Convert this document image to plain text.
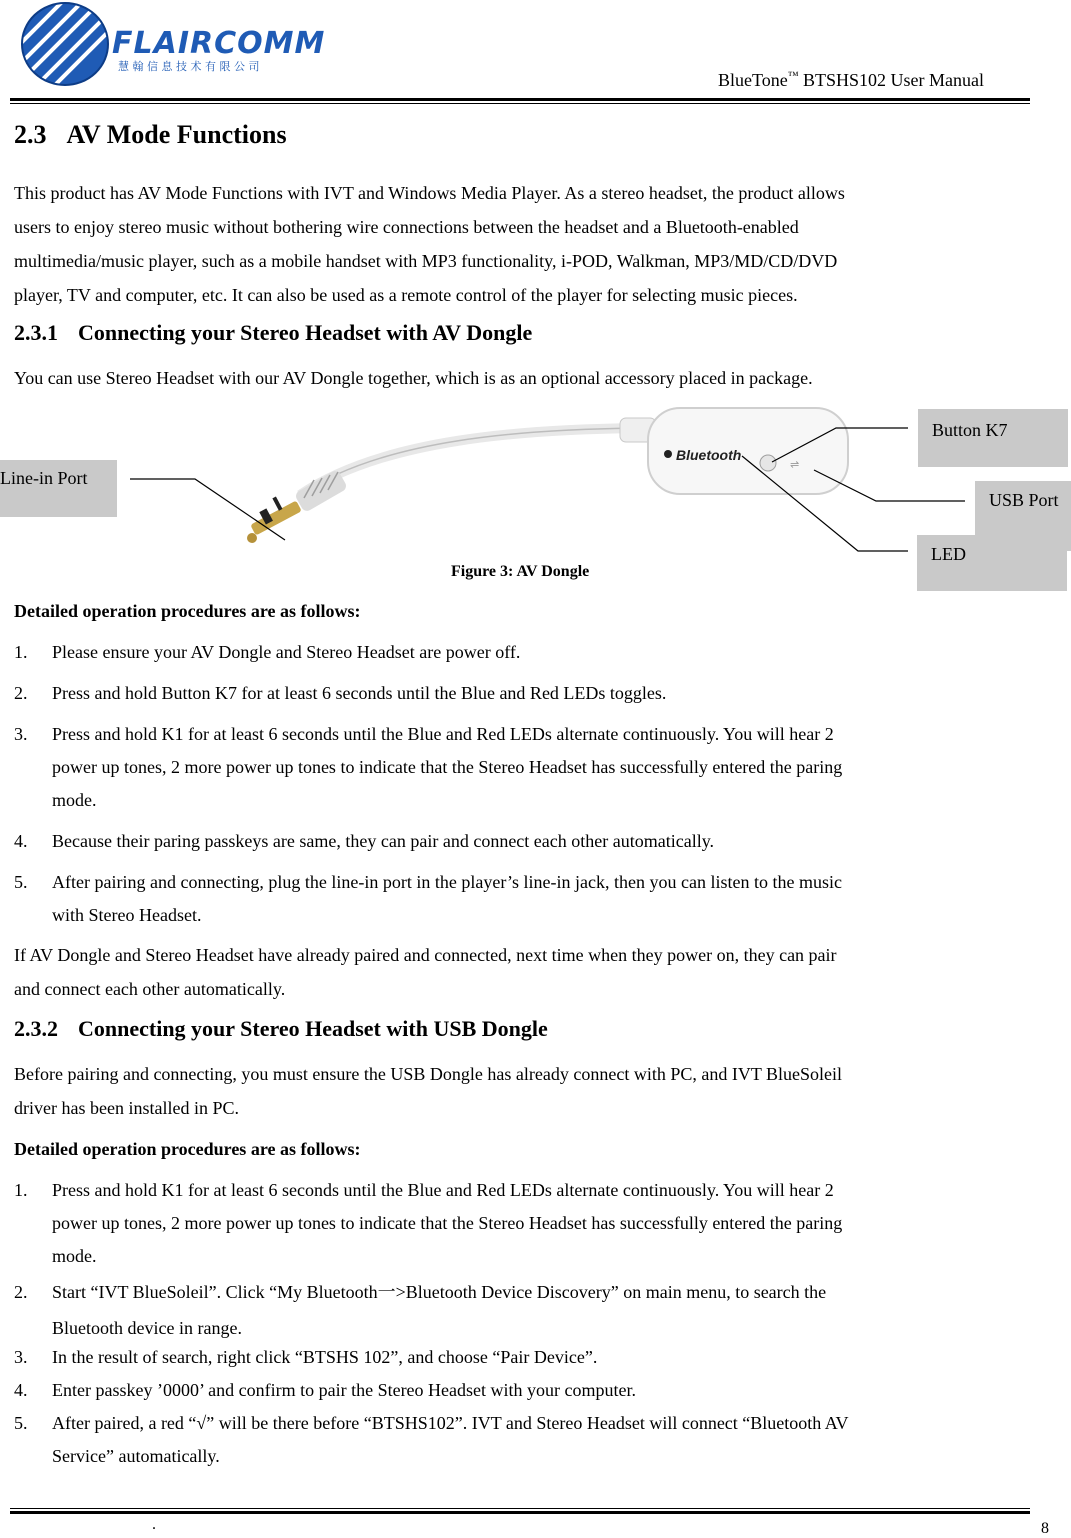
FLAIRCOMM
慧 翰 信 息 技 术 有 限 公 司
BlueTone™ BTSHS102 User Manual
2.3 AV Mode Functions
This product has AV Mode Functions with IVT and Windows Media Player. As a stereo headset, the product allows
users to enjoy stereo music without bothering wire connections between the headset and a Bluetooth-enabled
multimedia/music player, such as a mobile handset with MP3 functionality, i-POD, Walkman, MP3/MD/CD/DVD
player, TV and computer, etc. It can also be used as a remote control of the player for selecting music pieces.
2.3.1 Connecting your Stereo Headset with AV Dongle
You can use Stereo Headset with our AV Dongle together, which is as an optional accessory placed in package.
Bluetooth
⇌
Line-in Port
Button K7
USB Port
LED
Figure 3: AV Dongle
Detailed operation procedures are as follows:
1. Please ensure your AV Dongle and Stereo Headset are power off.
2. Press and hold Button K7 for at least 6 seconds until the Blue and Red LEDs toggles.
3. Press and hold K1 for at least 6 seconds until the Blue and Red LEDs alternate continuously. You will hear 2
power up tones, 2 more power up tones to indicate that the Stereo Headset has successfully entered the paring
mode.
4. Because their paring passkeys are same, they can pair and connect each other automatically.
5. After pairing and connecting, plug the line-in port in the player’s line-in jack, then you can listen to the music
with Stereo Headset.
If AV Dongle and Stereo Headset have already paired and connected, next time when they power on, they can pair
and connect each other automatically.
2.3.2 Connecting your Stereo Headset with USB Dongle
Before pairing and connecting, you must ensure the USB Dongle has already connect with PC, and IVT BlueSoleil
driver has been installed in PC.
Detailed operation procedures are as follows:
1. Press and hold K1 for at least 6 seconds until the Blue and Red LEDs alternate continuously. You will hear 2
power up tones, 2 more power up tones to indicate that the Stereo Headset has successfully entered the paring
mode.
2. Start “IVT BlueSoleil”. Click “My Bluetooth一>Bluetooth Device Discovery” on main menu, to search the
Bluetooth device in range.
3. In the result of search, right click “BTSHS 102”, and choose “Pair Device”.
4. Enter passkey ’0000’ and confirm to pair the Stereo Headset with your computer.
5. After paired, a red “√” will be there before “BTSHS102”. IVT and Stereo Headset will connect “Bluetooth AV
Service” automatically.
.	8
